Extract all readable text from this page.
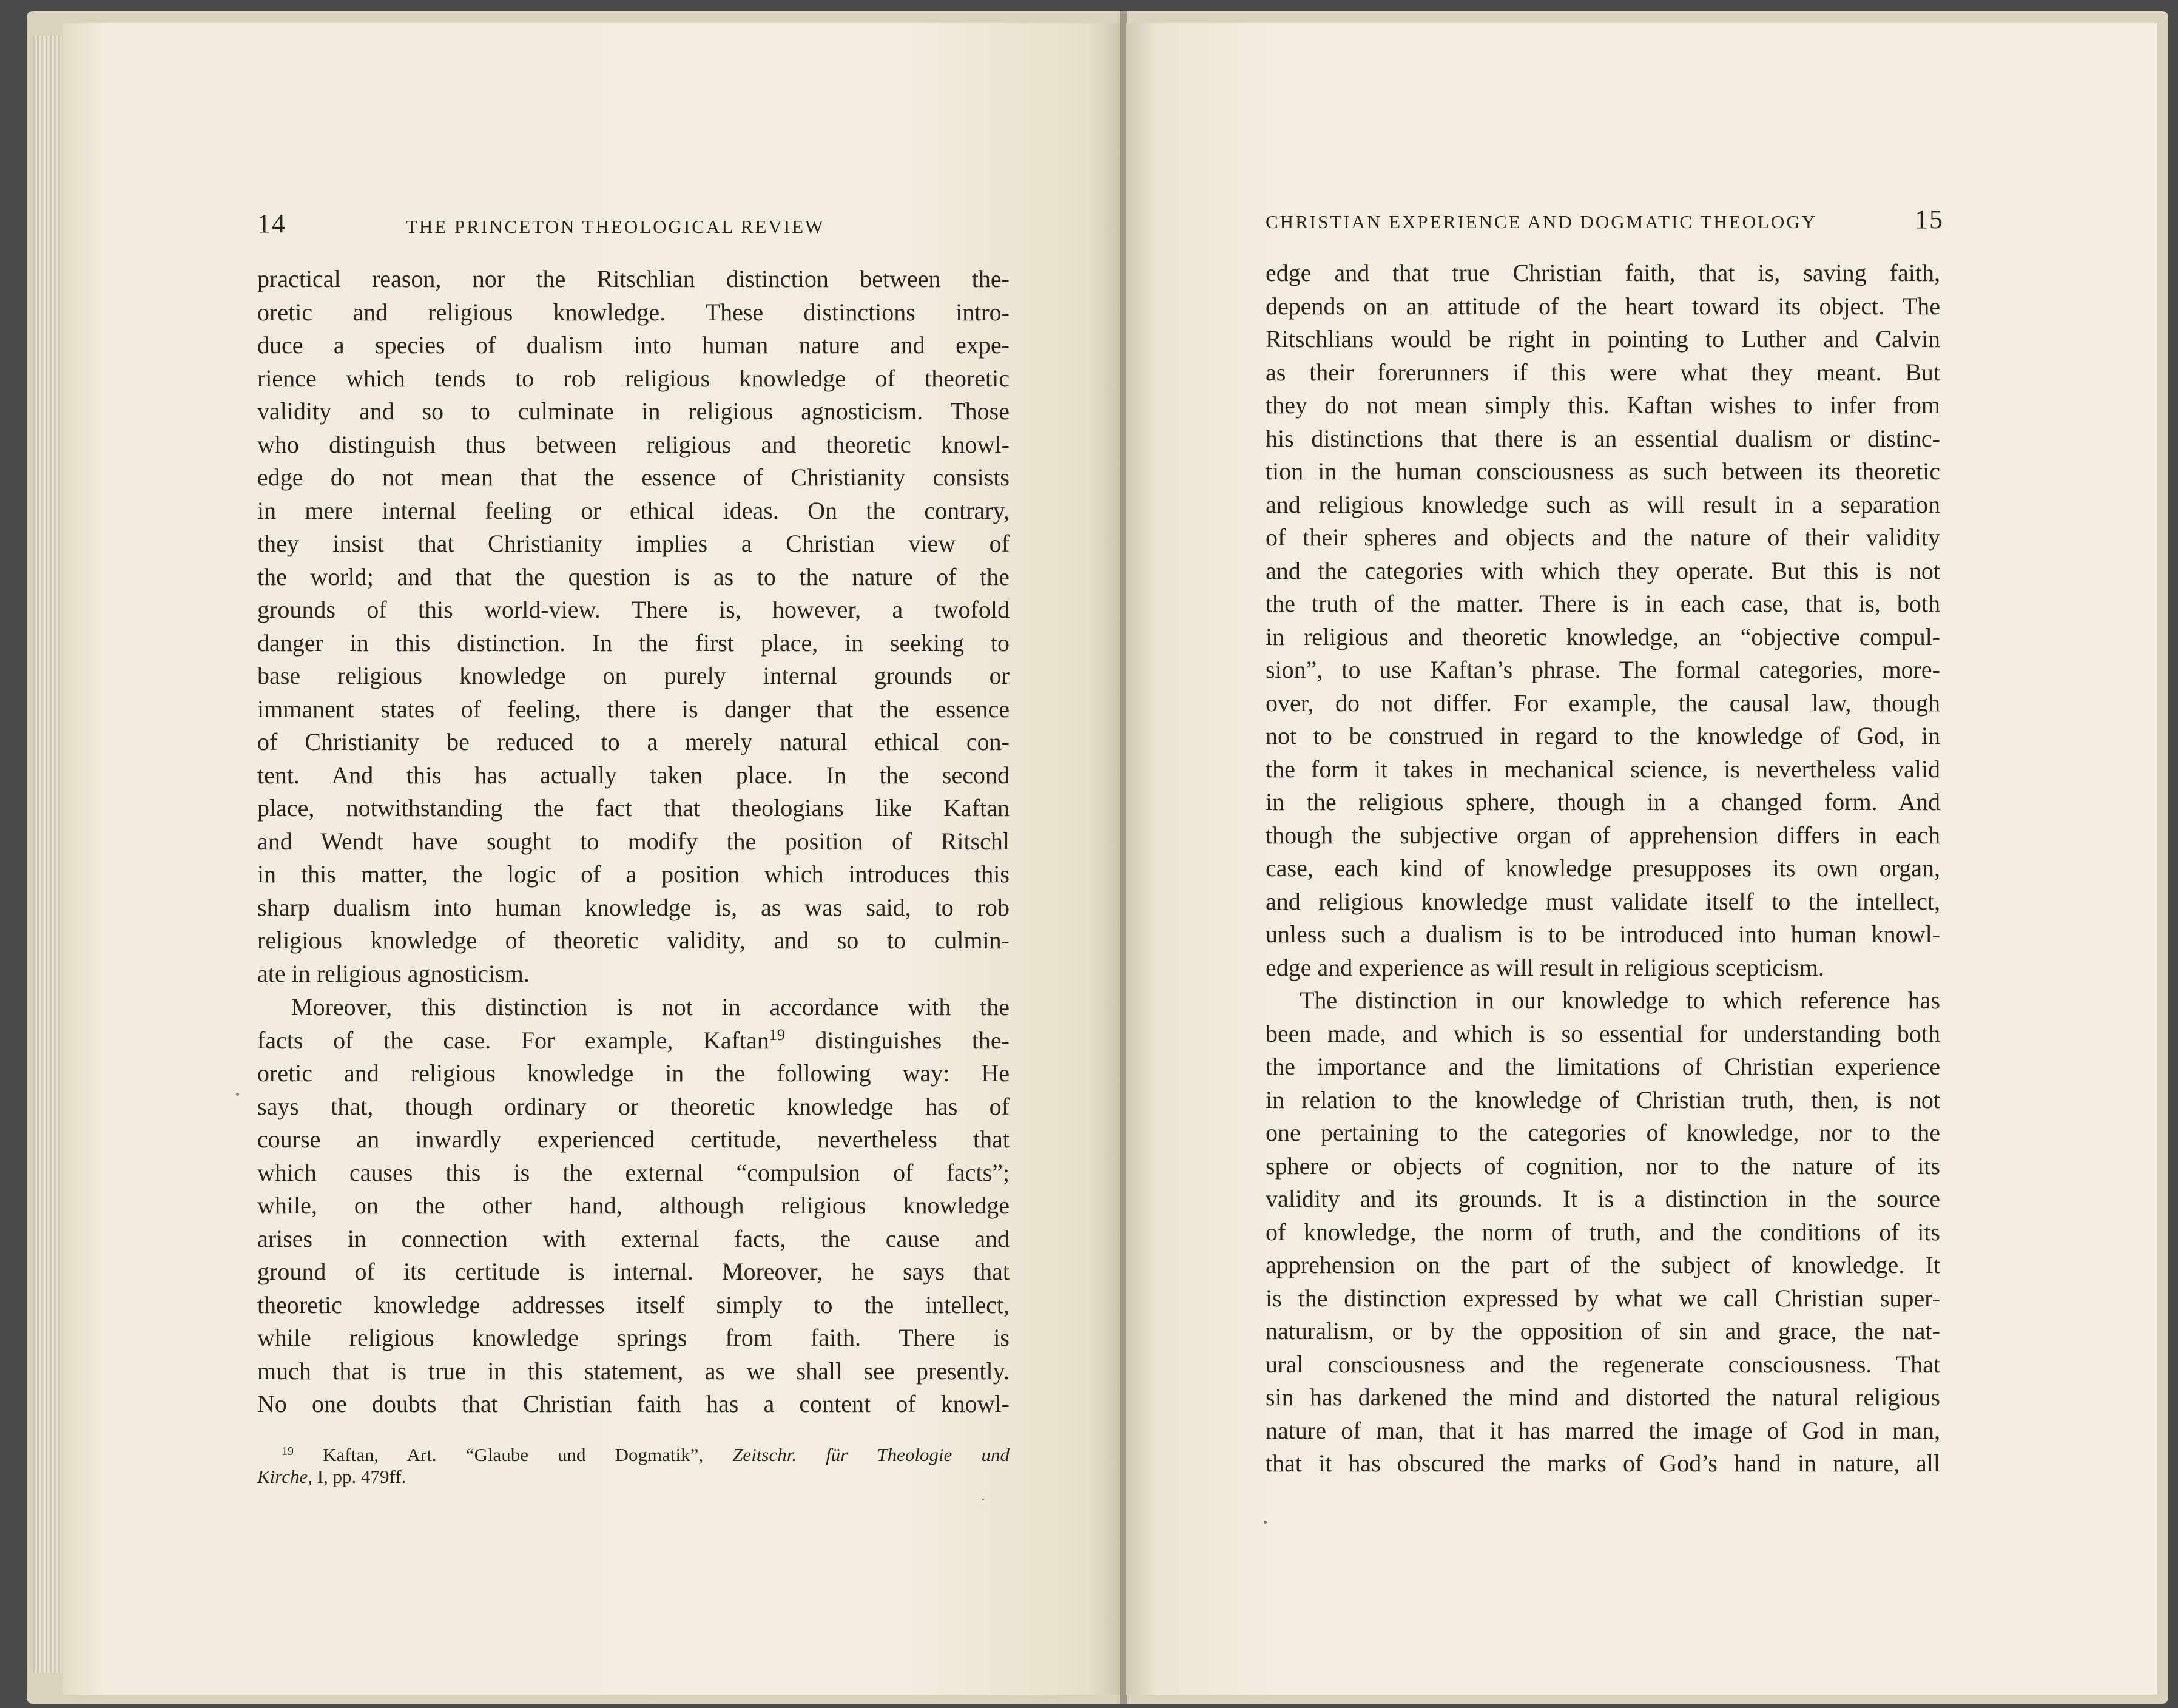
14	THE PRINCETON THEOLOGICAL REVIEW
practical reason, nor the Ritschlian distinction between the-
oretic and religious knowledge. These distinctions intro-
duce a species of dualism into human nature and expe-
rience which tends to rob religious knowledge of theoretic
validity and so to culminate in religious agnosticism. Those
who distinguish thus between religious and theoretic knowl-
edge do not mean that the essence of Christianity consists
in mere internal feeling or ethical ideas. On the contrary,
they insist that Christianity implies a Christian view of
the world; and that the question is as to the nature of the
grounds of this world-view. There is, however, a twofold
danger in this distinction. In the first place, in seeking to
base religious knowledge on purely internal grounds or
immanent states of feeling, there is danger that the essence
of Christianity be reduced to a merely natural ethical con-
tent. And this has actually taken place. In the second
place, notwithstanding the fact that theologians like Kaftan
and Wendt have sought to modify the position of Ritschl
in this matter, the logic of a position which introduces this
sharp dualism into human knowledge is, as was said, to rob
religious knowledge of theoretic validity, and so to culmin-
ate in religious agnosticism.
Moreover, this distinction is not in accordance with the
facts of the case. For example, Kaftan$^{19}$ distinguishes the-
oretic and religious knowledge in the following way: He
says that, though ordinary or theoretic knowledge has of
course an inwardly experienced certitude, nevertheless that
which causes this is the external “compulsion of facts”;
while, on the other hand, although religious knowledge
arises in connection with external facts, the cause and
ground of its certitude is internal. Moreover, he says that
theoretic knowledge addresses itself simply to the intellect,
while religious knowledge springs from faith. There is
much that is true in this statement, as we shall see presently.
No one doubts that Christian faith has a content of knowl-
$^{19}$ Kaftan, Art. “Glaube und Dogmatik”, Zeitschr. für Theologie und
Kirche, I, pp. 479ff.
CHRISTIAN EXPERIENCE AND DOGMATIC THEOLOGY	15
edge and that true Christian faith, that is, saving faith,
depends on an attitude of the heart toward its object. The
Ritschlians would be right in pointing to Luther and Calvin
as their forerunners if this were what they meant. But
they do not mean simply this. Kaftan wishes to infer from
his distinctions that there is an essential dualism or distinc-
tion in the human consciousness as such between its theoretic
and religious knowledge such as will result in a separation
of their spheres and objects and the nature of their validity
and the categories with which they operate. But this is not
the truth of the matter. There is in each case, that is, both
in religious and theoretic knowledge, an “objective compul-
sion”, to use Kaftan’s phrase. The formal categories, more-
over, do not differ. For example, the causal law, though
not to be construed in regard to the knowledge of God, in
the form it takes in mechanical science, is nevertheless valid
in the religious sphere, though in a changed form. And
though the subjective organ of apprehension differs in each
case, each kind of knowledge presupposes its own organ,
and religious knowledge must validate itself to the intellect,
unless such a dualism is to be introduced into human knowl-
edge and experience as will result in religious scepticism.
The distinction in our knowledge to which reference has
been made, and which is so essential for understanding both
the importance and the limitations of Christian experience
in relation to the knowledge of Christian truth, then, is not
one pertaining to the categories of knowledge, nor to the
sphere or objects of cognition, nor to the nature of its
validity and its grounds. It is a distinction in the source
of knowledge, the norm of truth, and the conditions of its
apprehension on the part of the subject of knowledge. It
is the distinction expressed by what we call Christian super-
naturalism, or by the opposition of sin and grace, the nat-
ural consciousness and the regenerate consciousness. That
sin has darkened the mind and distorted the natural religious
nature of man, that it has marred the image of God in man,
that it has obscured the marks of God’s hand in nature, all
